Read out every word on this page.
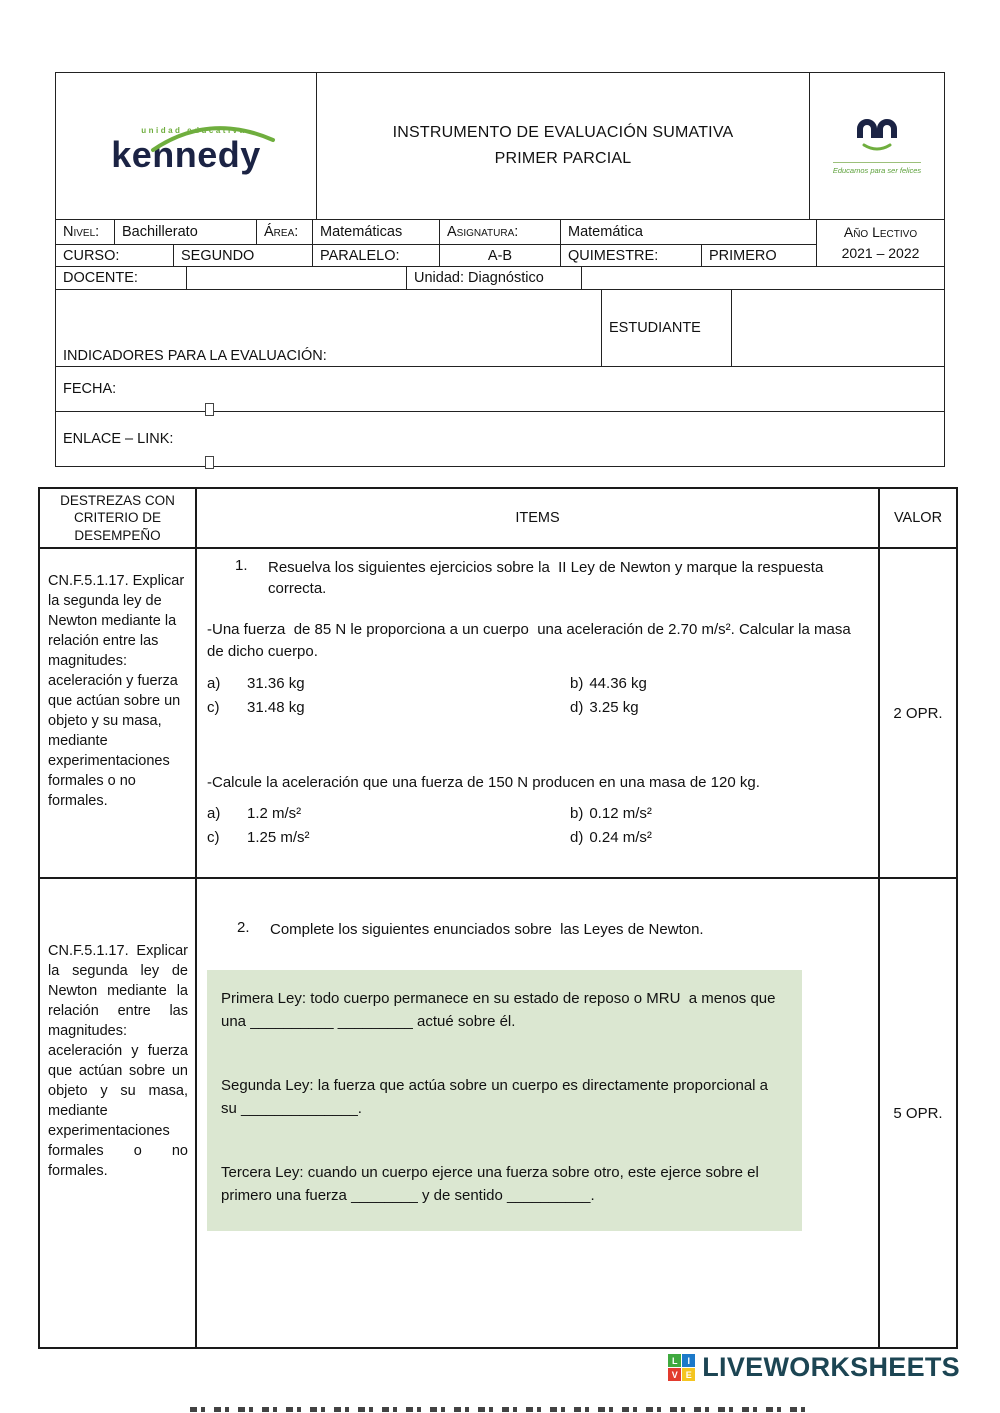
unidad educativa
kennedy
INSTRUMENTO DE EVALUACIÓN SUMATIVA
PRIMER PARCIAL
Educamos para ser felices
Nivel:	Bachillerato	Área:	Matemáticas	Asignatura:	Matemática
CURSO:	SEGUNDO	PARALELO:	A-B	QUIMESTRE:	PRIMERO
Año Lectivo
2021 – 2022
DOCENTE:	Unidad: Diagnóstico

INDICADORES PARA LA EVALUACIÓN:

ESTUDIANTE
FECHA:
ENLACE – LINK:
DESTREZAS CON CRITERIO DE DESEMPEÑO
ITEMS	VALOR
CN.F.5.1.17. Explicar la segunda ley de Newton mediante la relación entre las magnitudes: aceleración y fuerza que actúan sobre un objeto y su masa, mediante experimentaciones formales o no formales.
1.	Resuelva los siguientes ejercicios sobre la  II Ley de Newton y marque la respuesta correcta.
-Una fuerza  de 85 N le proporciona a un cuerpo  una aceleración de 2.70 m/s². Calcular la masa de dicho cuerpo.
a)	31.36 kg	b) 44.36 kg
c)	31.48 kg	d) 3.25 kg
-Calcule la aceleración que una fuerza de 150 N producen en una masa de 120 kg.
a)	1.2 m/s²	b) 0.12 m/s²
c)	1.25 m/s²	d) 0.24 m/s²
2 OPR.
CN.F.5.1.17. Explicar la segunda ley de Newton mediante la relación entre las magnitudes: aceleración y fuerza que actúan sobre un objeto y su masa, mediante experimentaciones formales o no formales.
2.	Complete los siguientes enunciados sobre  las Leyes de Newton.

Primera Ley: todo cuerpo permanece en su estado de reposo o MRU  a menos que una __________ _________ actué sobre él.

Segunda Ley: la fuerza que actúa sobre un cuerpo es directamente proporcional a su ______________.

Tercera Ley: cuando un cuerpo ejerce una fuerza sobre otro, este ejerce sobre el primero una fuerza ________ y de sentido __________.

5 OPR.
L	I
V E LIVEWORKSHEETS
